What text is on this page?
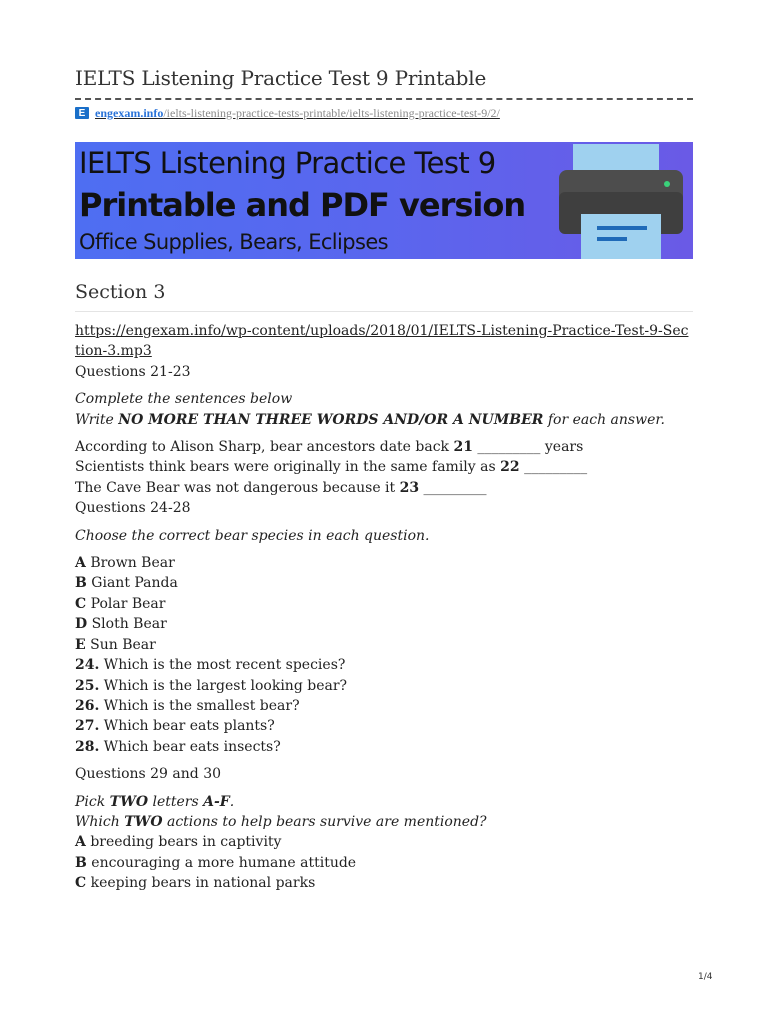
IELTS Listening Practice Test 9 Printable
E engexam.info/ielts-listening-practice-tests-printable/ielts-listening-practice-test-9/2/
IELTS Listening Practice Test 9
Printable and PDF version
Office Supplies, Bears, Eclipses
Section 3
https://engexam.info/wp-content/uploads/2018/01/IELTS-Listening-Practice-Test-9-Section-3.mp3
Questions 21-23
Complete the sentences below
Write NO MORE THAN THREE WORDS AND/OR A NUMBER for each answer.
According to Alison Sharp, bear ancestors date back 21 _________ years
Scientists think bears were originally in the same family as 22 _________
The Cave Bear was not dangerous because it 23 _________
Questions 24-28
Choose the correct bear species in each question.
A Brown Bear
B Giant Panda
C Polar Bear
D Sloth Bear
E Sun Bear
24. Which is the most recent species?
25. Which is the largest looking bear?
26. Which is the smallest bear?
27. Which bear eats plants?
28. Which bear eats insects?
Questions 29 and 30
Pick TWO letters A-F.
Which TWO actions to help bears survive are mentioned?
A breeding bears in captivity
B encouraging a more humane attitude
C keeping bears in national parks
1/4
